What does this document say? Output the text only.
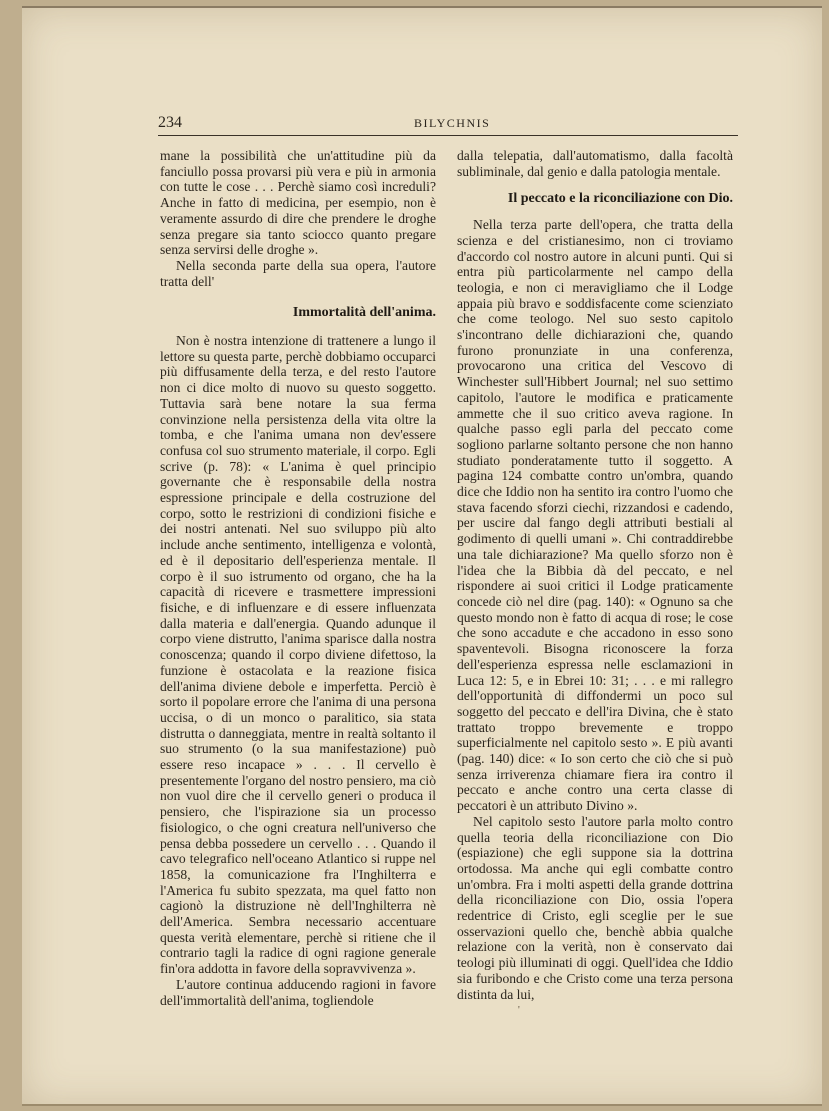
234	BILYCHNIS

mane la possibilità che un'attitudine più da fanciullo possa provarsi più vera e più in armonia con tutte le cose . . . Perchè siamo così increduli? Anche in fatto di medicina, per esempio, non è veramente assurdo di dire che prendere le droghe senza pregare sia tanto sciocco quanto pregare senza servirsi delle droghe ».

Nella seconda parte della sua opera, l'autore tratta dell'

Immortalità dell'anima.

Non è nostra intenzione di trattenere a lungo il lettore su questa parte, perchè dobbiamo occuparci più diffusamente della terza, e del resto l'autore non ci dice molto di nuovo su questo soggetto. Tuttavia sarà bene notare la sua ferma convinzione nella persistenza della vita oltre la tomba, e che l'anima umana non dev'essere confusa col suo strumento materiale, il corpo. Egli scrive (p. 78): « L'anima è quel principio governante che è responsabile della nostra espressione principale e della costruzione del corpo, sotto le restrizioni di condizioni fisiche e dei nostri antenati. Nel suo sviluppo più alto include anche sentimento, intelligenza e volontà, ed è il depositario dell'esperienza mentale. Il corpo è il suo istrumento od organo, che ha la capacità di ricevere e trasmettere impressioni fisiche, e di influenzare e di essere influenzata dalla materia e dall'energia. Quando adunque il corpo viene distrutto, l'anima sparisce dalla nostra conoscenza; quando il corpo diviene difettoso, la funzione è ostacolata e la reazione fisica dell'anima diviene debole e imperfetta. Perciò è sorto il popolare errore che l'anima di una persona uccisa, o di un monco o paralitico, sia stata distrutta o danneggiata, mentre in realtà soltanto il suo strumento (o la sua manifestazione) può essere reso incapace » . . . Il cervello è presentemente l'organo del nostro pensiero, ma ciò non vuol dire che il cervello generi o produca il pensiero, che l'ispirazione sia un processo fisiologico, o che ogni creatura nell'universo che pensa debba possedere un cervello . . . Quando il cavo telegrafico nell'oceano Atlantico si ruppe nel 1858, la comunicazione fra l'Inghilterra e l'America fu subito spezzata, ma quel fatto non cagionò la distruzione nè dell'Inghilterra nè dell'America. Sembra necessario accentuare questa verità elementare, perchè si ritiene che il contrario tagli la radice di ogni ragione generale fin'ora addotta in favore della sopravvivenza ».

L'autore continua adducendo ragioni in favore dell'immortalità dell'anima, togliendole

dalla telepatia, dall'automatismo, dalla facoltà subliminale, dal genio e dalla patologia mentale.

Il peccato e la riconciliazione con Dio.

Nella terza parte dell'opera, che tratta della scienza e del cristianesimo, non ci troviamo d'accordo col nostro autore in alcuni punti. Qui si entra più particolarmente nel campo della teologia, e non ci meravigliamo che il Lodge appaia più bravo e soddisfacente come scienziato che come teologo. Nel suo sesto capitolo s'incontrano delle dichiarazioni che, quando furono pronunziate in una conferenza, provocarono una critica del Vescovo di Winchester sull'Hibbert Journal; nel suo settimo capitolo, l'autore le modifica e praticamente ammette che il suo critico aveva ragione. In qualche passo egli parla del peccato come sogliono parlarne soltanto persone che non hanno studiato ponderatamente tutto il soggetto. A pagina 124 combatte contro un'ombra, quando dice che Iddio non ha sentito ira contro l'uomo che stava facendo sforzi ciechi, rizzandosi e cadendo, per uscire dal fango degli attributi bestiali al godimento di quelli umani ». Chi contraddirebbe una tale dichiarazione? Ma quello sforzo non è l'idea che la Bibbia dà del peccato, e nel rispondere ai suoi critici il Lodge praticamente concede ciò nel dire (pag. 140): « Ognuno sa che questo mondo non è fatto di acqua di rose; le cose che sono accadute e che accadono in esso sono spaventevoli. Bisogna riconoscere la forza dell'esperienza espressa nelle esclamazioni in Luca 12: 5, e in Ebrei 10: 31; . . . e mi rallegro dell'opportunità di diffondermi un poco sul soggetto del peccato e dell'ira Divina, che è stato trattato troppo brevemente e troppo superficialmente nel capitolo sesto ». E più avanti (pag. 140) dice: « Io son certo che ciò che si può senza irriverenza chiamare fiera ira contro il peccato e anche contro una certa classe di peccatori è un attributo Divino ».

Nel capitolo sesto l'autore parla molto contro quella teoria della riconciliazione con Dio (espiazione) che egli suppone sia la dottrina ortodossa. Ma anche qui egli combatte contro un'ombra. Fra i molti aspetti della grande dottrina della riconciliazione con Dio, ossia l'opera redentrice di Cristo, egli sceglie per le sue osservazioni quello che, benchè abbia qualche relazione con la verità, non è conservato dai teologi più illuminati di oggi. Quell'idea che Iddio sia furibondo e che Cristo come una terza persona distinta da lui,

'
